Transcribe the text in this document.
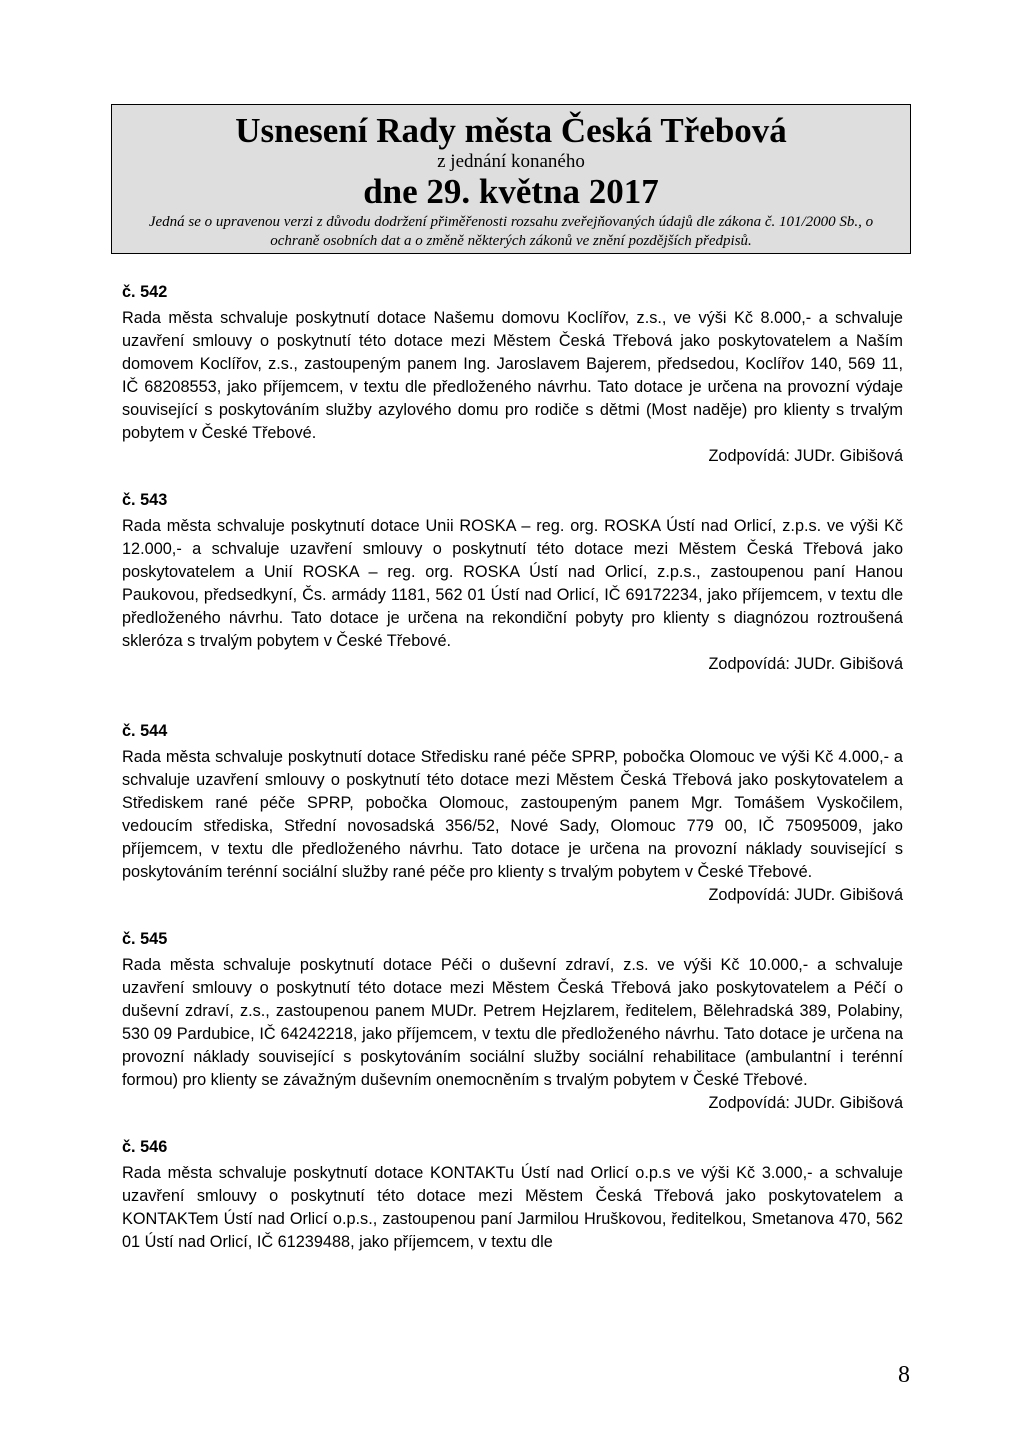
Usnesení Rady města Česká Třebová
z jednání konaného
dne 29. května 2017
Jedná se o upravenou verzi z důvodu dodržení přiměřenosti rozsahu zveřejňovaných údajů dle zákona č. 101/2000 Sb., o ochraně osobních dat a o změně některých zákonů ve znění pozdějších předpisů.
č. 542

Rada města schvaluje poskytnutí dotace Našemu domovu Koclířov, z.s., ve výši Kč 8.000,- a schvaluje uzavření smlouvy o poskytnutí této dotace mezi Městem Česká Třebová jako poskytovatelem a Naším domovem Koclířov, z.s., zastoupeným panem Ing. Jaroslavem Bajerem, předsedou, Koclířov 140, 569 11, IČ 68208553, jako příjemcem, v textu dle předloženého návrhu. Tato dotace je určena na provozní výdaje související s poskytováním služby azylového domu pro rodiče s dětmi (Most naděje) pro klienty s trvalým pobytem v České Třebové.

Zodpovídá: JUDr. Gibišová

č. 543

Rada města schvaluje poskytnutí dotace Unii ROSKA – reg. org. ROSKA Ústí nad Orlicí, z.p.s. ve výši Kč 12.000,- a schvaluje uzavření smlouvy o poskytnutí této dotace mezi Městem Česká Třebová jako poskytovatelem a Unií ROSKA – reg. org. ROSKA Ústí nad Orlicí, z.p.s., zastoupenou paní Hanou Paukovou, předsedkyní, Čs. armády 1181, 562 01 Ústí nad Orlicí, IČ 69172234, jako příjemcem, v textu dle předloženého návrhu. Tato dotace je určena na rekondiční pobyty pro klienty s diagnózou roztroušená skleróza s trvalým pobytem v České Třebové.

Zodpovídá: JUDr. Gibišová

č. 544

Rada města schvaluje poskytnutí dotace Středisku rané péče SPRP, pobočka Olomouc ve výši Kč 4.000,- a schvaluje uzavření smlouvy o poskytnutí této dotace mezi Městem Česká Třebová jako poskytovatelem a Střediskem rané péče SPRP, pobočka Olomouc, zastoupeným panem Mgr. Tomášem Vyskočilem, vedoucím střediska, Střední novosadská 356/52, Nové Sady, Olomouc 779 00, IČ 75095009, jako příjemcem, v textu dle předloženého návrhu. Tato dotace je určena na provozní náklady související s poskytováním terénní sociální služby rané péče pro klienty s trvalým pobytem v České Třebové.

Zodpovídá: JUDr. Gibišová

č. 545

Rada města schvaluje poskytnutí dotace Péči o duševní zdraví, z.s. ve výši Kč 10.000,- a schvaluje uzavření smlouvy o poskytnutí této dotace mezi Městem Česká Třebová jako poskytovatelem a Péčí o duševní zdraví, z.s., zastoupenou panem MUDr. Petrem Hejzlarem, ředitelem, Bělehradská 389, Polabiny, 530 09 Pardubice, IČ 64242218, jako příjemcem, v textu dle předloženého návrhu. Tato dotace je určena na provozní náklady související s poskytováním sociální služby sociální rehabilitace (ambulantní i terénní formou) pro klienty se závažným duševním onemocněním s trvalým pobytem v České Třebové.

Zodpovídá: JUDr. Gibišová

č. 546

Rada města schvaluje poskytnutí dotace KONTAKTu Ústí nad Orlicí o.p.s ve výši Kč 3.000,- a schvaluje uzavření smlouvy o poskytnutí této dotace mezi Městem Česká Třebová jako poskytovatelem a KONTAKTem Ústí nad Orlicí o.p.s., zastoupenou paní Jarmilou Hruškovou, ředitelkou, Smetanova 470, 562 01 Ústí nad Orlicí, IČ 61239488, jako příjemcem, v textu dle

8
